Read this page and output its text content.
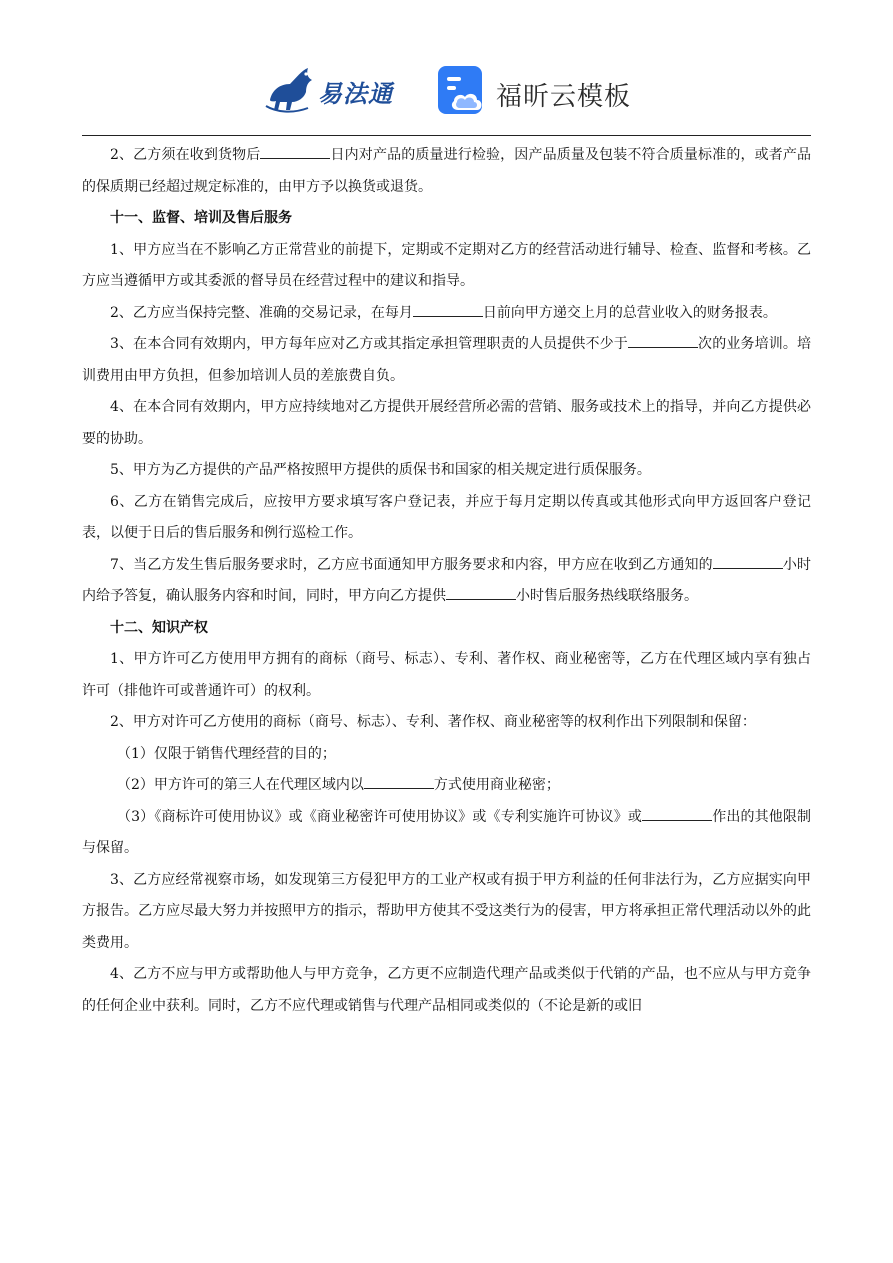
易法通	福昕云模板

2、乙方须在收到货物后	日内对产品的质量进行检验，因产品质量及包装不符合质量标准的，或者产品的保质期已经超过规定标准的，由甲方予以换货或退货。

十一、监督、培训及售后服务

1、甲方应当在不影响乙方正常营业的前提下，定期或不定期对乙方的经营活动进行辅导、检查、监督和考核。乙方应当遵循甲方或其委派的督导员在经营过程中的建议和指导。

2、乙方应当保持完整、准确的交易记录，在每月	日前向甲方递交上月的总营业收入的财务报表。

3、在本合同有效期内，甲方每年应对乙方或其指定承担管理职责的人员提供不少于	次的业务培训。培训费用由甲方负担，但参加培训人员的差旅费自负。

4、在本合同有效期内，甲方应持续地对乙方提供开展经营所必需的营销、服务或技术上的指导，并向乙方提供必要的协助。

5、甲方为乙方提供的产品严格按照甲方提供的质保书和国家的相关规定进行质保服务。

6、乙方在销售完成后，应按甲方要求填写客户登记表，并应于每月定期以传真或其他形式向甲方返回客户登记表，以便于日后的售后服务和例行巡检工作。

7、当乙方发生售后服务要求时，乙方应书面通知甲方服务要求和内容，甲方应在收到乙方通知的	小时内给予答复，确认服务内容和时间，同时，甲方向乙方提供	小时售后服务热线联络服务。

十二、知识产权

1、甲方许可乙方使用甲方拥有的商标（商号、标志）、专利、著作权、商业秘密等，乙方在代理区域内享有独占许可（排他许可或普通许可）的权利。

2、甲方对许可乙方使用的商标（商号、标志）、专利、著作权、商业秘密等的权利作出下列限制和保留：

（1）仅限于销售代理经营的目的；

（2）甲方许可的第三人在代理区域内以	方式使用商业秘密；

（3）《商标许可使用协议》或《商业秘密许可使用协议》或《专利实施许可协议》或	作出的其他限制与保留。

3、乙方应经常视察市场，如发现第三方侵犯甲方的工业产权或有损于甲方利益的任何非法行为，乙方应据实向甲方报告。乙方应尽最大努力并按照甲方的指示，帮助甲方使其不受这类行为的侵害，甲方将承担正常代理活动以外的此类费用。

4、乙方不应与甲方或帮助他人与甲方竞争，乙方更不应制造代理产品或类似于代销的产品，也不应从与甲方竞争的任何企业中获利。同时，乙方不应代理或销售与代理产品相同或类似的（不论是新的或旧
